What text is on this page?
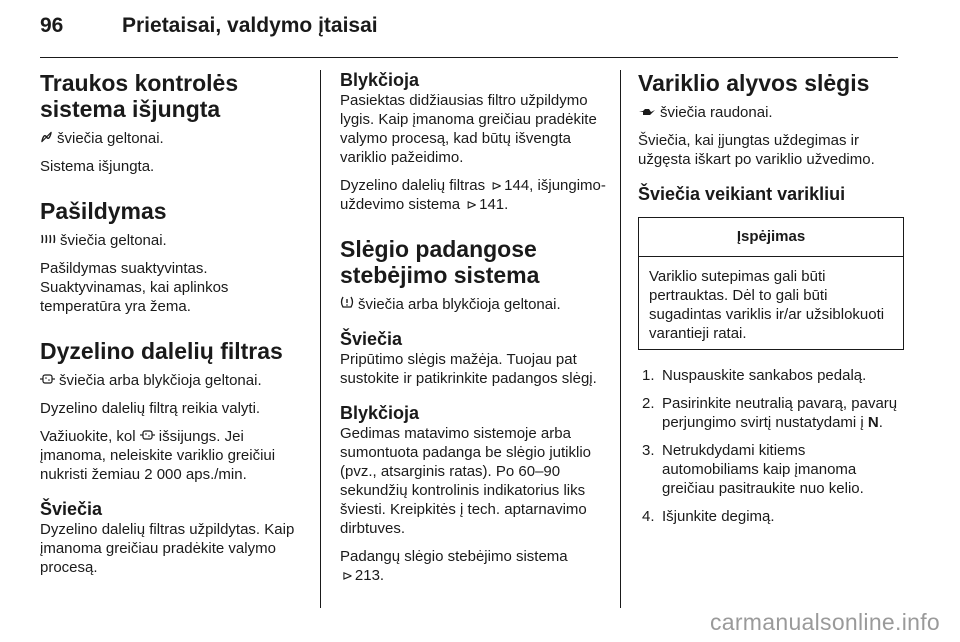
96	Prietaisai, valdymo įtaisai
Traukos kontrolės sistema išjungta

šviečia geltonai.

Sistema išjungta.

Pašildymas

šviečia geltonai.

Pašildymas suaktyvintas. Suaktyvinamas, kai aplinkos temperatūra yra žema.

Dyzelino dalelių filtras

šviečia arba blykčioja geltonai.

Dyzelino dalelių filtrą reikia valyti.

Važiuokite, kol išsijungs. Jei įmanoma, neleiskite variklio greičiui nukristi žemiau 2 000 aps./min.

Šviečia

Dyzelino dalelių filtras užpildytas. Kaip įmanoma greičiau pradėkite valymo procesą.

Blykčioja

Pasiektas didžiausias filtro užpildymo lygis. Kaip įmanoma greičiau pradėkite valymo procesą, kad būtų išvengta variklio pažeidimo.

Dyzelino dalelių filtras ⊳ 144, išjungimo-uždevimo sistema ⊳ 141.

Slėgio padangose stebėjimo sistema

šviečia arba blykčioja geltonai.

Šviečia

Pripūtimo slėgis mažėja. Tuojau pat sustokite ir patikrinkite padangos slėgį.

Blykčioja

Gedimas matavimo sistemoje arba sumontuota padanga be slėgio jutiklio (pvz., atsarginis ratas). Po 60–90 sekundžių kontrolinis indikatorius liks šviesti. Kreipkitės į tech. aptarnavimo dirbtuves.

Padangų slėgio stebėjimo sistema
⊳ 213.

Variklio alyvos slėgis

šviečia raudonai.

Šviečia, kai įjungtas uždegimas ir užgęsta iškart po variklio užvedimo.

Šviečia veikiant varikliui
Įspėjimas
Variklio sutepimas gali būti pertrauktas. Dėl to gali būti sugadintas variklis ir/ar užsiblokuoti varantieji ratai.
1. Nuspauskite sankabos pedalą.
2. Pasirinkite neutralią pavarą, pavarų perjungimo svirtį nustatydami į N.
3. Netrukdydami kitiems automobiliams kaip įmanoma greičiau pasitraukite nuo kelio.
4. Išjunkite degimą.
carmanualsonline.info
